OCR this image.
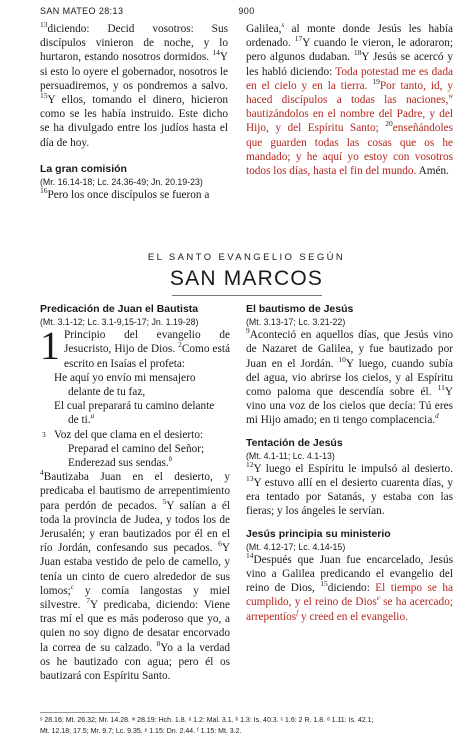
SAN MATEO 28:13	900

$^{13}$diciendo: Decid vosotros: Sus discípulos vinieron de noche, y lo hurtaron, estando nosotros dormidos. $^{14}$Y si esto lo oyere el gobernador, nosotros le persuadiremos, y os pondremos a salvo. $^{15}$Y ellos, tomando el dinero, hicieron como se les había instruido. Este dicho se ha divulgado entre los judíos hasta el día de hoy.

La gran comisión
(Mr. 16.14-18; Lc. 24.36-49; Jn. 20.19-23)

$^{16}$Pero los once discípulos se fueron a

Galilea,$^s$ al monte donde Jesús les había ordenado. $^{17}$Y cuando le vieron, le adoraron; pero algunos dudaban. $^{18}$Y Jesús se acercó y les habló diciendo: Toda potestad me es dada en el cielo y en la tierra. $^{19}$Por tanto, id, y haced discípulos a todas las naciones,$^w$ bautizándolos en el nombre del Padre, y del Hijo, y del Espíritu Santo; $^{20}$enseñándoles que guarden todas las cosas que os he mandado; y he aquí yo estoy con vosotros todos los días, hasta el fin del mundo. Amén.

EL SANTO EVANGELIO SEGÚN
SAN MARCOS
Predicación de Juan el Bautista
(Mt. 3.1-12; Lc. 3.1-9,15-17; Jn. 1.19-28)

1 Principio del evangelio de Jesucristo, Hijo de Dios. $^2$Como está escrito en Isaías el profeta:

He aquí yo envío mi mensajero
delante de tu faz,
El cual preparará tu camino delante
de ti.$^a$
3 Voz del que clama en el desierto:
Preparad el camino del Señor;
Enderezad sus sendas.$^b$

$^4$Bautizaba Juan en el desierto, y predicaba el bautismo de arrepentimiento para perdón de pecados. $^5$Y salían a él toda la provincia de Judea, y todos los de Jerusalén; y eran bautizados por él en el río Jordán, confesando sus pecados. $^6$Y Juan estaba vestido de pelo de camello, y tenía un cinto de cuero alrededor de sus lomos;$^c$ y comía langostas y miel silvestre. $^7$Y predicaba, diciendo: Viene tras mí el que es más poderoso que yo, a quien no soy digno de desatar encorvado la correa de su calzado. $^8$Yo a la verdad os he bautizado con agua; pero él os bautizará con Espíritu Santo.

El bautismo de Jesús
(Mt. 3.13-17; Lc. 3.21-22)

$^9$Aconteció en aquellos días, que Jesús vino de Nazaret de Galilea, y fue bautizado por Juan en el Jordán. $^{10}$Y luego, cuando subía del agua, vio abrirse los cielos, y al Espíritu como paloma que descendía sobre él. $^{11}$Y vino una voz de los cielos que decía: Tú eres mi Hijo amado; en ti tengo complacencia.$^d$

Tentación de Jesús
(Mt. 4.1-11; Lc. 4.1-13)

$^{12}$Y luego el Espíritu le impulsó al desierto. $^{13}$Y estuvo allí en el desierto cuarenta días, y era tentado por Satanás, y estaba con las fieras; y los ángeles le servían.

Jesús principia su ministerio
(Mt. 4.12-17; Lc. 4.14-15)

$^{14}$Después que Juan fue encarcelado, Jesús vino a Galilea predicando el evangelio del reino de Dios, $^{15}$diciendo: El tiempo se ha cumplido, y el reino de Dios$^e$ se ha acercado; arrepentíos$^f$ y creed en el evangelio.

ˢ 28.16: Mt. 26.32; Mr. 14.28. ʷ 28.19: Hch. 1.8. ᵃ 1.2: Mal. 3.1. ᵇ 1.3: Is. 40.3. ᶜ 1.6: 2 R. 1.8. ᵈ 1.11: Is. 42.1;
Mt. 12.18; 17.5; Mr. 9.7; Lc. 9.35. ᵉ 1.15: Dn. 2.44. ᶠ 1.15: Mt. 3.2.
